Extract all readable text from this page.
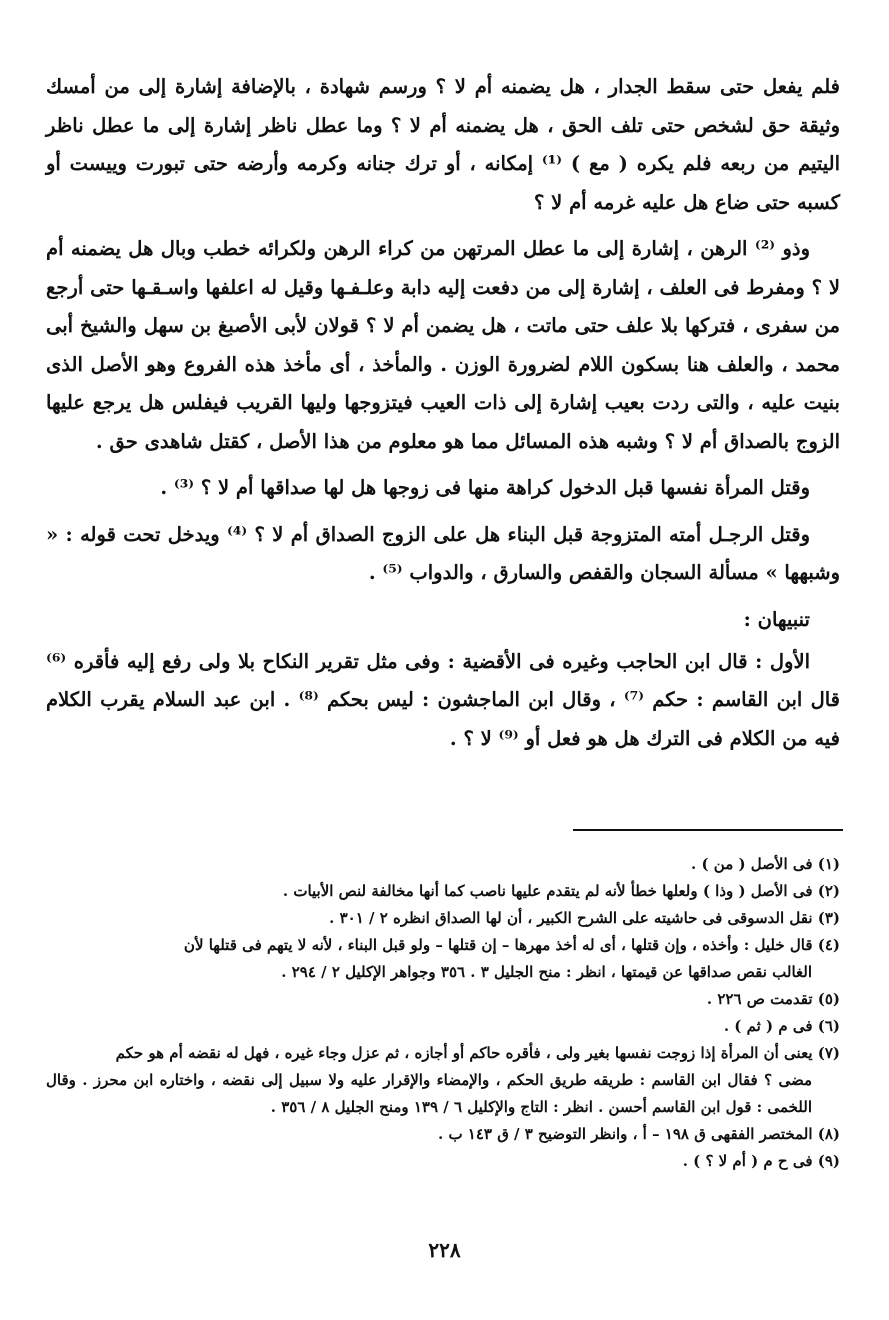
فلم يفعل حتى سقط الجدار ، هل يضمنه أم لا ؟ ورسم شهادة ، بالإضافة إشارة إلى من أمسك وثيقة حق لشخص حتى تلف الحق ، هل يضمنه أم لا ؟ وما عطل ناظر إشارة إلى ما عطل ناظر اليتيم من ربعه فلم يكره ( مع ) ⁽¹⁾ إمكانه ، أو ترك جنانه وكرمه وأرضه حتى تبورت وييست أو كسبه حتى ضاع هل عليه غرمه أم لا ؟

وذو ⁽²⁾ الرهن ، إشارة إلى ما عطل المرتهن من كراء الرهن ولكرائه خطب وبال هل يضمنه أم لا ؟ ومفرط فى العلف ، إشارة إلى من دفعت إليه دابة وعلـفـها وقيل له اعلفها واسـقـها حتى أرجع من سفرى ، فتركها بلا علف حتى ماتت ، هل يضمن أم لا ؟ قولان لأبى الأصبغ بن سهل والشيخ أبى محمد ، والعلف هنا بسكون اللام لضرورة الوزن . والمأخذ ، أى مأخذ هذه الفروع وهو الأصل الذى بنيت عليه ، والتى ردت بعيب إشارة إلى ذات العيب فيتزوجها وليها القريب فيفلس هل يرجع عليها الزوج بالصداق أم لا ؟ وشبه هذه المسائل مما هو معلوم من هذا الأصل ، كقتل شاهدى حق .

وقتل المرأة نفسها قبل الدخول كراهة منها فى زوجها هل لها صداقها أم لا ؟ ⁽³⁾ .

وقتل الرجـل أمته المتزوجة قبل البناء هل على الزوج الصداق أم لا ؟ ⁽⁴⁾ ويدخل تحت قوله : « وشبهها » مسألة السجان والقفص والسارق ، والدواب ⁽⁵⁾ .

تنبيهان :

الأول : قال ابن الحاجب وغيره فى الأقضية : وفى مثل تقرير النكاح بلا ولى رفع إليه فأقره ⁽⁶⁾ قال ابن القاسم : حكم ⁽⁷⁾ ، وقال ابن الماجشون : ليس بحكم ⁽⁸⁾ . ابن عبد السلام يقرب الكلام فيه من الكلام فى الترك هل هو فعل أو ⁽⁹⁾ لا ؟ .

(١) فى الأصل ( من ) .

(٢) فى الأصل ( وذا ) ولعلها خطأ لأنه لم يتقدم عليها ناصب كما أنها مخالفة لنص الأبيات .

(٣) نقل الدسوقى فى حاشيته على الشرح الكبير ، أن لها الصداق انظره ٢ / ٣٠١ .

(٤) قال خليل : وأخذه ، وإن قتلها ، أى له أخذ مهرها – إن قتلها – ولو قبل البناء ، لأنه لا يتهم فى قتلها لأن
الغالب نقص صداقها عن قيمتها ، انظر : منح الجليل ٣ . ٣٥٦ وجواهر الإكليل ٢ / ٢٩٤ .

(٥) تقدمت ص ٢٢٦ .

(٦) فى م ( ثم ) .

(٧) يعنى أن المرأة إذا زوجت نفسها بغير ولى ، فأقره حاكم أو أجازه ، ثم عزل وجاء غيره ، فهل له نقضه أم هو حكم
مضى ؟ فقال ابن القاسم : طريقه طريق الحكم ، والإمضاء والإقرار عليه ولا سبيل إلى نقضه ، واختاره ابن محرز . وقال اللخمى : قول ابن القاسم أحسن . انظر : التاج والإكليل ٦ / ١٣٩ ومنح الجليل ٨ / ٣٥٦ .

(٨) المختصر الفقهى ق ١٩٨ – أ ، وانظر التوضيح ٣ / ق ١٤٣ ب .

(٩) فى ح م ( أم لا ؟ ) .

٢٢٨
